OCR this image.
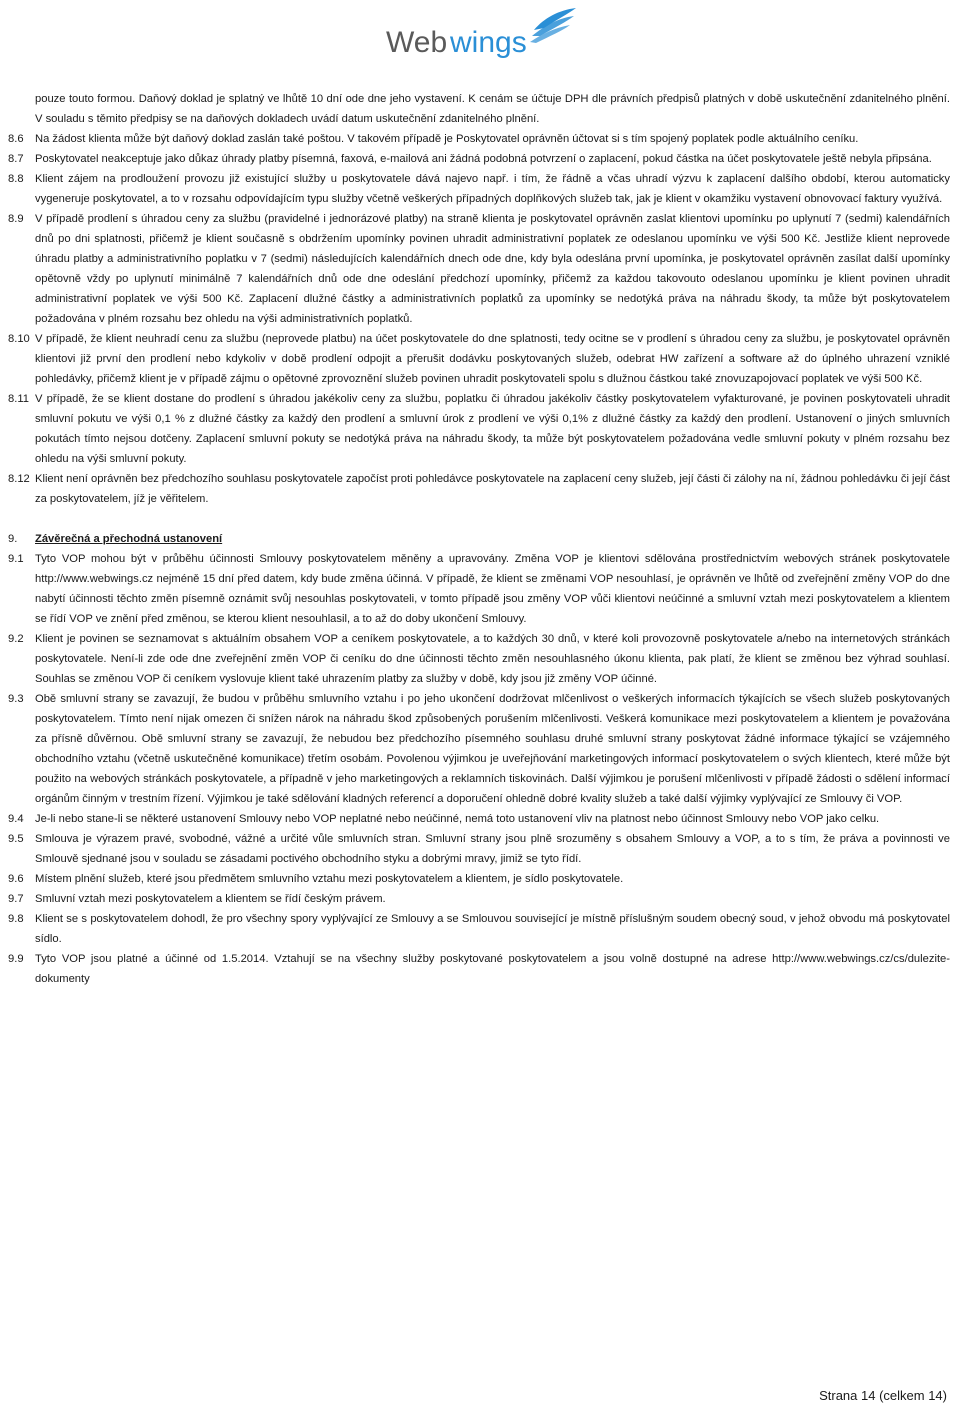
Web wings
pouze touto formou. Daňový doklad je splatný ve lhůtě 10 dní ode dne jeho vystavení. K cenám se účtuje DPH dle právních předpisů platných v době uskutečnění zdanitelného plnění. V souladu s těmito předpisy se na daňových dokladech uvádí datum uskutečnění zdanitelného plnění.
8.6	Na žádost klienta může být daňový doklad zaslán také poštou. V takovém případě je Poskytovatel oprávněn účtovat si s tím spojený poplatek podle aktuálního ceníku.
8.7	Poskytovatel neakceptuje jako důkaz úhrady platby písemná, faxová, e-mailová ani žádná podobná potvrzení o zaplacení, pokud částka na účet poskytovatele ještě nebyla připsána.
8.8	Klient zájem na prodloužení provozu již existující služby u poskytovatele dává najevo např. i tím, že řádně a včas uhradí výzvu k zaplacení dalšího období, kterou automaticky vygeneruje poskytovatel, a to v rozsahu odpovídajícím typu služby včetně veškerých případných doplňkových služeb tak, jak je klient v okamžiku vystavení obnovovací faktury využívá.
8.9	V případě prodlení s úhradou ceny za službu (pravidelné i jednorázové platby) na straně klienta je poskytovatel oprávněn zaslat klientovi upomínku po uplynutí 7 (sedmi) kalendářních dnů po dni splatnosti, přičemž je klient současně s obdržením upomínky povinen uhradit administrativní poplatek ze odeslanou upomínku ve výši 500 Kč. Jestliže klient neprovede úhradu platby a administrativního poplatku v 7 (sedmi) následujících kalendářních dnech ode dne, kdy byla odeslána první upomínka, je poskytovatel oprávněn zasílat další upomínky opětovně vždy po uplynutí minimálně 7 kalendářních dnů ode dne odeslání předchozí upomínky, přičemž za každou takovouto odeslanou upomínku je klient povinen uhradit administrativní poplatek ve výši 500 Kč. Zaplacení dlužné částky a administrativních poplatků za upomínky se nedotýká práva na náhradu škody, ta může být poskytovatelem požadována v plném rozsahu bez ohledu na výši administrativních poplatků.
8.10 V případě, že klient neuhradí cenu za službu (neprovede platbu) na účet poskytovatele do dne splatnosti, tedy ocitne se v prodlení s úhradou ceny za službu, je poskytovatel oprávněn klientovi již první den prodlení nebo kdykoliv v době prodlení odpojit a přerušit dodávku poskytovaných služeb, odebrat HW zařízení a software až do úplného uhrazení vzniklé pohledávky, přičemž klient je v případě zájmu o opětovné zprovoznění služeb povinen uhradit poskytovateli spolu s dlužnou částkou také znovuzapojovací poplatek ve výši 500 Kč.
8.11 V případě, že se klient dostane do prodlení s úhradou jakékoliv ceny za službu, poplatku či úhradou jakékoliv částky poskytovatelem vyfakturované, je povinen poskytovateli uhradit smluvní pokutu ve výši 0,1 % z dlužné částky za každý den prodlení a smluvní úrok z prodlení ve výši 0,1% z dlužné částky za každý den prodlení. Ustanovení o jiných smluvních pokutách tímto nejsou dotčeny. Zaplacení smluvní pokuty se nedotýká práva na náhradu škody, ta může být poskytovatelem požadována vedle smluvní pokuty v plném rozsahu bez ohledu na výši smluvní pokuty.
8.12 Klient není oprávněn bez předchozího souhlasu poskytovatele započíst proti pohledávce poskytovatele na zaplacení ceny služeb, její části či zálohy na ní, žádnou pohledávku či její část za poskytovatelem, jíž je věřitelem.
9.	Závěrečná a přechodná ustanovení
9.1	Tyto VOP mohou být v průběhu účinnosti Smlouvy poskytovatelem měněny a upravovány. Změna VOP je klientovi sdělována prostřednictvím webových stránek poskytovatele http://www.webwings.cz nejméně 15 dní před datem, kdy bude změna účinná. V případě, že klient se změnami VOP nesouhlasí, je oprávněn ve lhůtě od zveřejnění změny VOP do dne nabytí účinnosti těchto změn písemně oznámit svůj nesouhlas poskytovateli, v tomto případě jsou změny VOP vůči klientovi neúčinné a smluvní vztah mezi poskytovatelem a klientem se řídí VOP ve znění před změnou, se kterou klient nesouhlasil, a to až do doby ukončení Smlouvy.
9.2	Klient je povinen se seznamovat s aktuálním obsahem VOP a ceníkem poskytovatele, a to každých 30 dnů, v které koli provozovně poskytovatele a/nebo na internetových stránkách poskytovatele. Není-li zde ode dne zveřejnění změn VOP či ceníku do dne účinnosti těchto změn nesouhlasného úkonu klienta, pak platí, že klient se změnou bez výhrad souhlasí. Souhlas se změnou VOP či ceníkem vyslovuje klient také uhrazením platby za služby v době, kdy jsou již změny VOP účinné.
9.3	Obě smluvní strany se zavazují, že budou v průběhu smluvního vztahu i po jeho ukončení dodržovat mlčenlivost o veškerých informacích týkajících se všech služeb poskytovaných poskytovatelem. Tímto není nijak omezen či snížen nárok na náhradu škod způsobených porušením mlčenlivosti. Veškerá komunikace mezi poskytovatelem a klientem je považována za přísně důvěrnou. Obě smluvní strany se zavazují, že nebudou bez předchozího písemného souhlasu druhé smluvní strany poskytovat žádné informace týkající se vzájemného obchodního vztahu (včetně uskutečněné komunikace) třetím osobám. Povolenou výjimkou je uveřejňování marketingových informací poskytovatelem o svých klientech, které může být použito na webových stránkách poskytovatele, a případně v jeho marketingových a reklamních tiskovinách. Další výjimkou je porušení mlčenlivosti v případě žádosti o sdělení informací orgánům činným v trestním řízení. Výjimkou je také sdělování kladných referencí a doporučení ohledně dobré kvality služeb a také další výjimky vyplývající ze Smlouvy či VOP.
9.4	Je-li nebo stane-li se některé ustanovení Smlouvy nebo VOP neplatné nebo neúčinné, nemá toto ustanovení vliv na platnost nebo účinnost Smlouvy nebo VOP jako celku.
9.5	Smlouva je výrazem pravé, svobodné, vážné a určité vůle smluvních stran. Smluvní strany jsou plně srozuměny s obsahem Smlouvy a VOP, a to s tím, že práva a povinnosti ve Smlouvě sjednané jsou v souladu se zásadami poctivého obchodního styku a dobrými mravy, jimiž se tyto řídí.
9.6	Místem plnění služeb, které jsou předmětem smluvního vztahu mezi poskytovatelem a klientem, je sídlo poskytovatele.
9.7	Smluvní vztah mezi poskytovatelem a klientem se řídí českým právem.
9.8	Klient se s poskytovatelem dohodl, že pro všechny spory vyplývající ze Smlouvy a se Smlouvou související je místně příslušným soudem obecný soud, v jehož obvodu má poskytovatel sídlo.
9.9	Tyto VOP jsou platné a účinné od 1.5.2014. Vztahují se na všechny služby poskytované poskytovatelem a jsou volně dostupné na adrese http://www.webwings.cz/cs/dulezite-dokumenty
Strana 14 (celkem 14)
